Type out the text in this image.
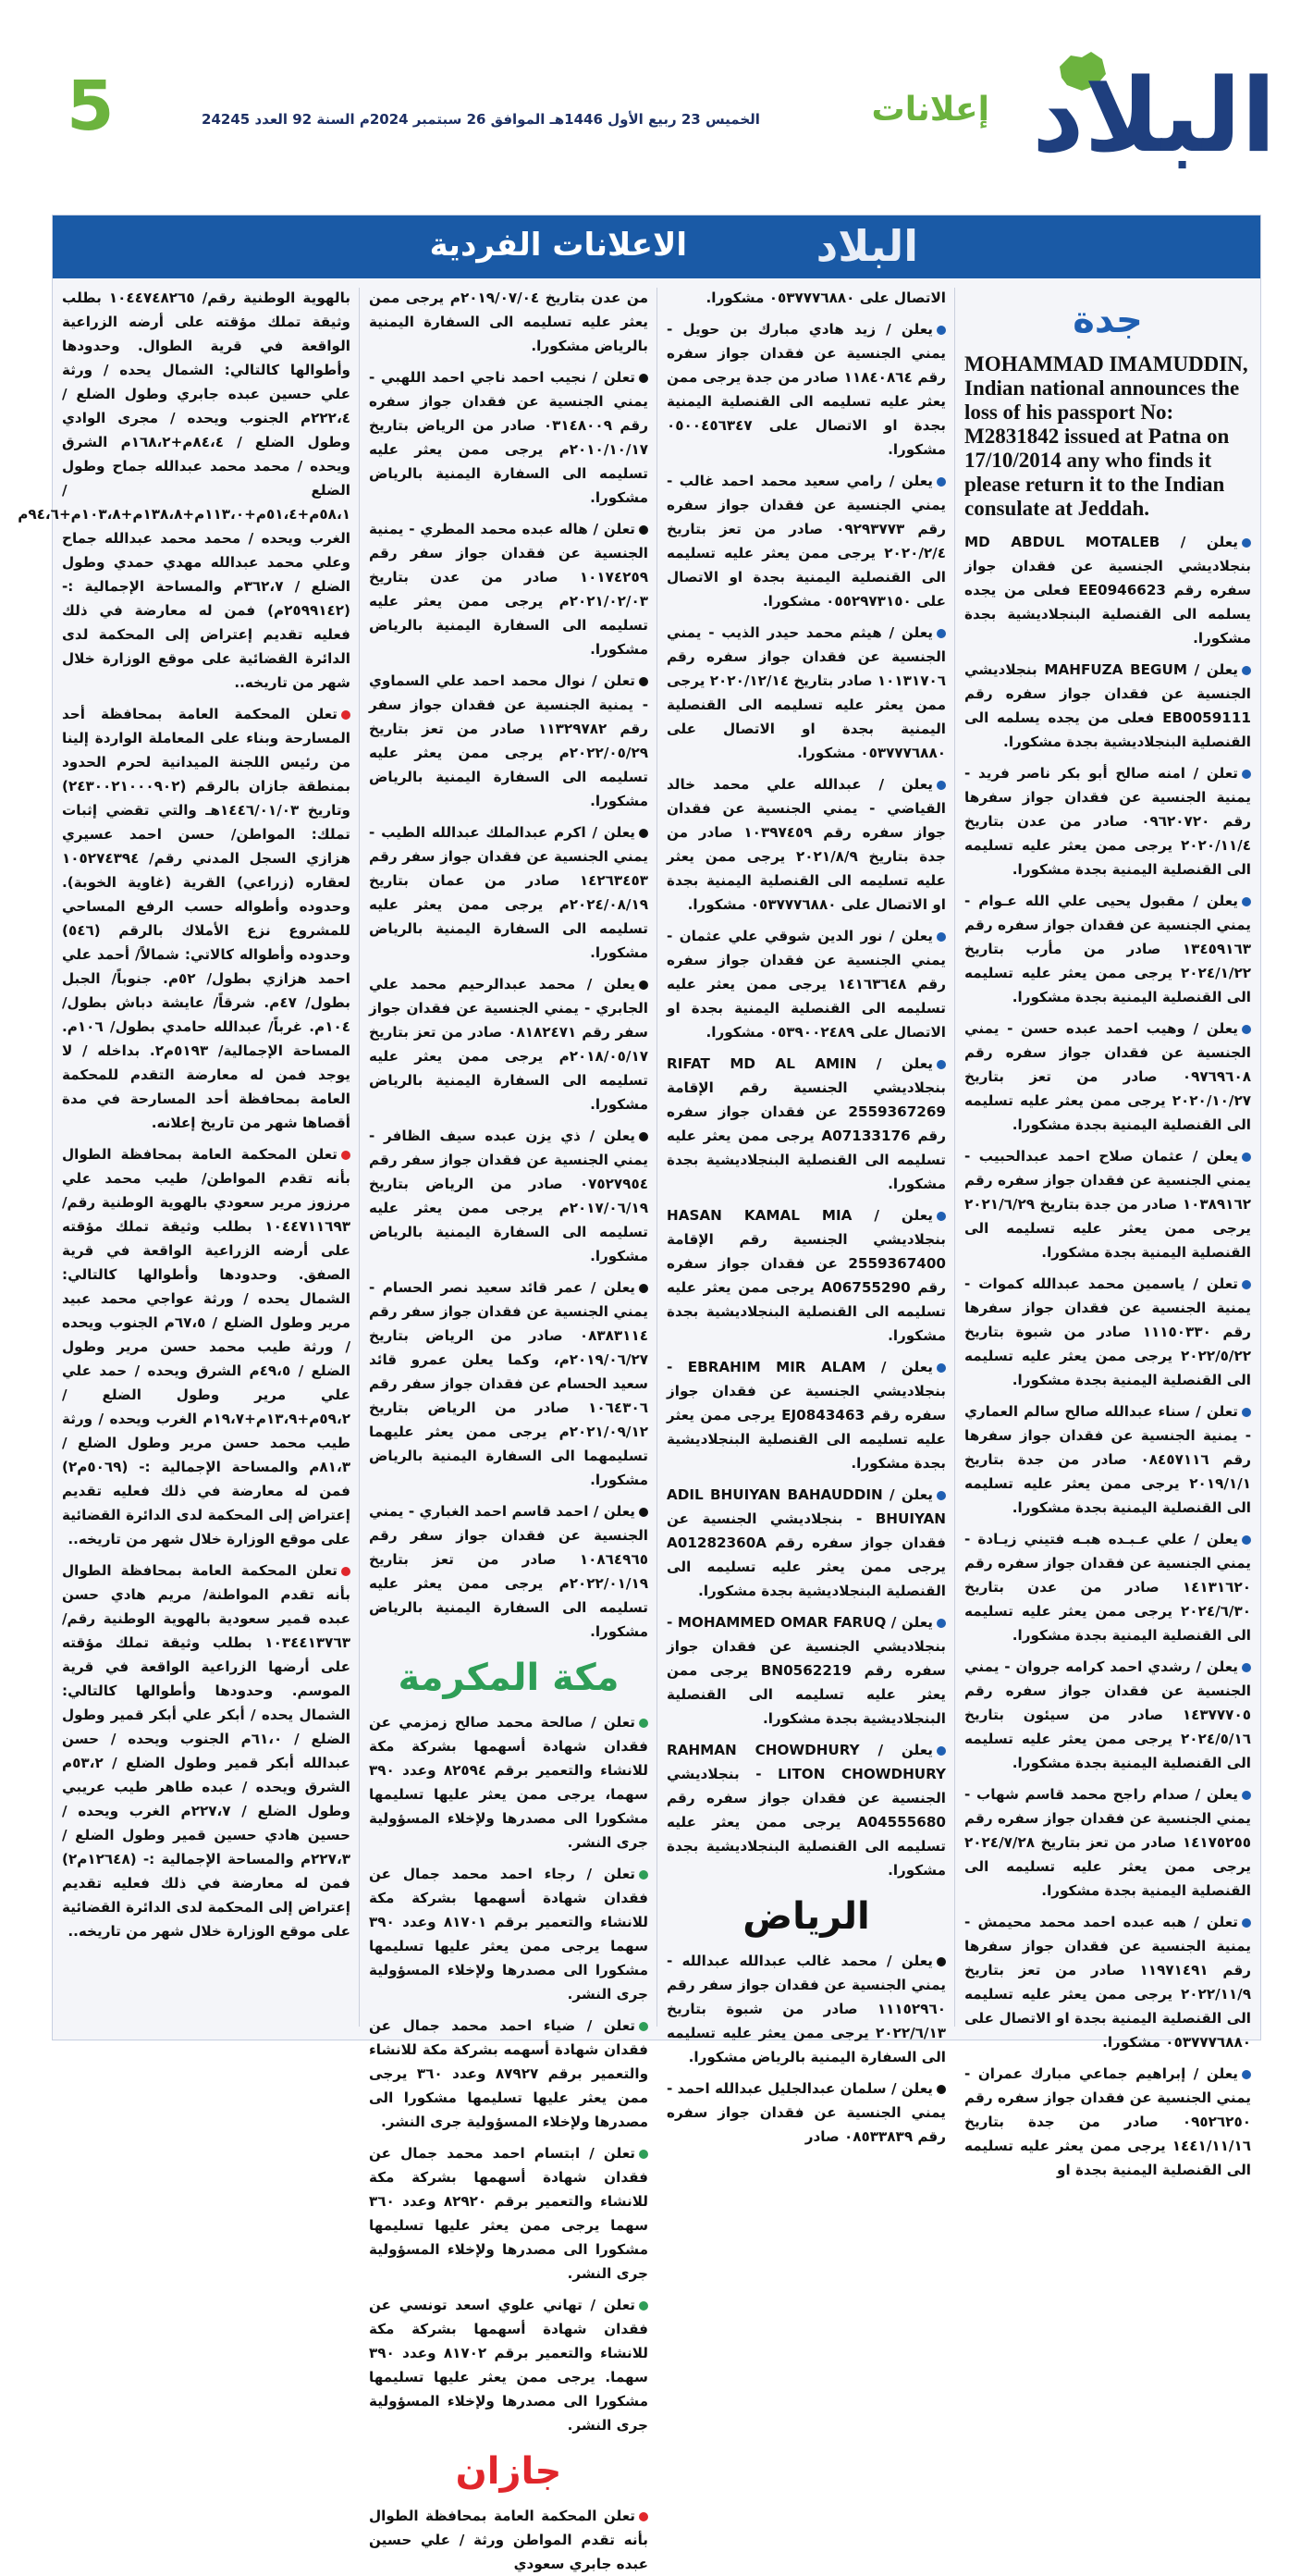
5	الخميس 23 ربيع الأول 1446هـ الموافق 26 سبتمبر 2024م السنة 92 العدد 24245	إعلانات البلاد
البلاد
الاعلانات الفردية
جدة
MOHAMMAD IMAMUDDIN, Indian national announces the loss of his passport No: M2831842 issued at Patna on 17/10/2014 any who finds it please return it to the Indian consulate at Jeddah.
يعلن / MD ABDUL MOTALEB بنجلاديشي الجنسية عن فقدان جواز سفره رقم EE0946623 فعلى من يجده يسلمه الى القنصلية البنجلاديشية بجدة مشكورا.
يعلن / MAHFUZA BEGUM بنجلاديشي الجنسية عن فقدان جواز سفره رقم EB0059111 فعلى من يجده يسلمه الى القنصلية البنجلاديشية بجدة مشكورا.
تعلن / امنه صالح أبو بكر ناصر فريد - يمنية الجنسية عن فقدان جواز سفرها رقم ٠٩٦٢٠٧٢٠ صادر من عدن بتاريخ ٢٠٢٠/١١/٤ يرجى ممن يعثر عليه تسليمه الى القنصلية اليمنية بجدة مشكورا.
يعلن / مقبول يحيى علي الله عـوام - يمني الجنسية عن فقدان جواز سفره رقم ١٣٤٥٩١٦٣ صادر من مأرب بتاريخ ٢٠٢٤/١/٢٢ يرجى ممن يعثر عليه تسليمه الى القنصلية اليمنية بجدة مشكورا.
يعلن / وهيب احمد عبده حسن - يمني الجنسية عن فقدان جواز سفره رقم ٠٩٧٦٩٦٠٨ صادر من تعز بتاريخ ٢٠٢٠/١٠/٢٧ يرجى ممن يعثر عليه تسليمه الى القنصلية اليمنية بجدة مشكورا.
يعلن / عثمان صلاح احمد عبدالحبيب - يمني الجنسية عن فقدان جواز سفره رقم ١٠٣٨٩١٦٢ صادر من جدة بتاريخ ٢٠٢١/٦/٢٩ يرجى ممن يعثر عليه تسليمه الى القنصلية اليمنية بجدة مشكورا.
تعلن / ياسمين محمد عبدالله كموات - يمنية الجنسية عن فقدان جواز سفرها رقم ١١١٥٠٣٣٠ صادر من شبوة بتاريخ ٢٠٢٢/٥/٢٢ يرجى ممن يعثر عليه تسليمه الى القنصلية اليمنية بجدة مشكورا.
تعلن / سناء عبدالله صالح سالم العماري - يمنية الجنسية عن فقدان جواز سفرها رقم ٠٨٤٥٧١١٦ صادر من جدة بتاريخ ٢٠١٩/١/١ يرجى ممن يعثر عليه تسليمه الى القنصلية اليمنية بجدة مشكورا.
يعلن / علي عـبـده هبـه فتيني زيـادة - يمني الجنسية عن فقدان جواز سفره رقم ١٤١٣١٦٢٠ صادر من عدن بتاريخ ٢٠٢٤/٦/٣٠ يرجى ممن يعثر عليه تسليمه الى القنصلية اليمنية بجدة مشكورا.
يعلن / رشدي احمد كرامه جروان - يمني الجنسية عن فقدان جواز سفره رقم ١٤٣٧٧٧٠٥ صادر من سيئون بتاريخ ٢٠٢٤/٥/١٦ يرجى ممن يعثر عليه تسليمه الى القنصلية اليمنية بجدة مشكورا.
يعلن / صدام راجح محمد قاسم شهاب - يمني الجنسية عن فقدان جواز سفره رقم ١٤١٧٥٢٥٥ صادر من تعز بتاريخ ٢٠٢٤/٧/٢٨ يرجى ممن يعثر عليه تسليمه الى القنصلية اليمنية بجدة مشكورا.
تعلن / هبه عبده احمد محمد محيمش - يمنية الجنسية عن فقدان جواز سفرها رقم ١١٩٧١٤٩١ صادر من تعز بتاريخ ٢٠٢٢/١١/٩ يرجى ممن يعثر عليه تسليمه الى القنصلية اليمنية بجدة او الاتصال على ٠٥٣٧٧٧٦٨٨٠ مشكورا.
يعلن / إبراهيم جماعي مبارك عمران - يمني الجنسية عن فقدان جواز سفره رقم ٠٩٥٢٦٢٥٠ صادر من جدة بتاريخ ١٤٤١/١١/١٦ يرجى ممن يعثر عليه تسليمه الى القنصلية اليمنية بجدة او
الاتصال على ٠٥٣٧٧٧٦٨٨٠ مشكورا.
يعلن / زيد هادي مبارك بن حويل - يمني الجنسية عن فقدان جواز سفره رقم ١١٨٤٠٨٦٤ صادر من جدة يرجى ممن يعثر عليه تسليمه الى القنصلية اليمنية بجدة او الاتصال على ٠٥٠٠٤٥٦٣٤٧ مشكورا.
يعلن / رامي سعيد محمد احمد غالب - يمني الجنسية عن فقدان جواز سفره رقم ٠٩٢٩٣٧٧٣ صادر من تعز بتاريخ ٢٠٢٠/٢/٤ يرجى ممن يعثر عليه تسليمه الى القنصلية اليمنية بجدة او الاتصال على ٠٥٥٢٩٧٣١٥٠ مشكورا.
يعلن / هيثم محمد حيدر الذيب - يمني الجنسية عن فقدان جواز سفره رقم ١٠١٣١٧٠٦ صادر بتاريخ ٢٠٢٠/١٢/١٤ يرجى ممن يعثر عليه تسليمه الى القنصلية اليمنية بجدة او الاتصال على ٠٥٣٧٧٧٦٨٨٠ مشكورا.
يعلن / عبدالله علي محمد خالد القياضي - يمني الجنسية عن فقدان جواز سفره رقم ١٠٣٩٧٤٥٩ صادر من جدة بتاريخ ٢٠٢١/٨/٩ يرجى ممن يعثر عليه تسليمه الى القنصلية اليمنية بجدة او الاتصال على ٠٥٣٧٧٧٦٨٨٠ مشكورا.
يعلن / نور الدين شوقي علي عثمان - يمني الجنسية عن فقدان جواز سفره رقم ١٤١٦٣٦٤٨ يرجى ممن يعثر عليه تسليمه الى القنصلية اليمنية بجدة او الاتصال على ٠٥٣٩٠٠٢٤٨٩ مشكورا.
يعلن / RIFAT MD AL AMIN بنجلاديشي الجنسية رقم الإقامة 2559367269 عن فقدان جواز سفره رقم A07133176 يرجى ممن يعثر عليه تسليمه الى القنصلية البنجلاديشية بجدة مشكورا.
يعلن / HASAN KAMAL MIA بنجلاديشي الجنسية رقم الإقامة 2559367400 عن فقدان جواز سفره رقم A06755290 يرجى ممن يعثر عليه تسليمه الى القنصلية البنجلاديشية بجدة مشكورا.
يعلن / EBRAHIM MIR ALAM - بنجلاديشي الجنسية عن فقدان جواز سفره رقم EJ0843463 يرجى ممن يعثر عليه تسليمه الى القنصلية البنجلاديشية بجدة مشكورا.
يعلن / ADIL BHUIYAN BAHAUDDIN BHUIYAN - بنجلاديشي الجنسية عن فقدان جواز سفره رقم A01282360A يرجى ممن يعثر عليه تسليمه الى القنصلية البنجلاديشية بجدة مشكورا.
يعلن / MOHAMMED OMAR FARUQ - بنجلاديشي الجنسية عن فقدان جواز سفره رقم BN0562219 يرجى ممن يعثر عليه تسليمه الى القنصلية البنجلاديشية بجدة مشكورا.
يعلن / RAHMAN CHOWDHURY LITON CHOWDHURY - بنجلاديشي الجنسية عن فقدان جواز سفره رقم A04555680 يرجى ممن يعثر عليه تسليمه الى القنصلية البنجلاديشية بجدة مشكورا.
الرياض
يعلن / محمد غالب عبدالله عبدالله - يمني الجنسية عن فقدان جواز سفر رقم ١١١٥٢٩٦٠ صادر من شبوة بتاريخ ٢٠٢٢/٦/١٣ يرجى ممن يعثر عليه تسليمه الى السفارة اليمنية بالرياض مشكورا.
يعلن / سلمان عبدالجليل عبدالله احمد - يمني الجنسية عن فقدان جواز سفره رقم ٠٨٥٣٣٨٣٩ صادر
من عدن بتاريخ ٢٠١٩/٠٧/٠٤م يرجى ممن يعثر عليه تسليمه الى السفارة اليمنية بالرياض مشكورا.
تعلن / نجيب احمد ناجي احمد اللهبي - يمني الجنسية عن فقدان جواز سفره رقم ٠٣١٤٨٠٠٩ صادر من الرياض بتاريخ ٢٠١٠/١٠/١٧م يرجى ممن يعثر عليه تسليمه الى السفارة اليمنية بالرياض مشكورا.
تعلن / هاله عبده محمد المطري - يمنية الجنسية عن فقدان جواز سفر رقم ١٠١٧٤٢٥٩ صادر من عدن بتاريخ ٢٠٢١/٠٢/٠٣م يرجى ممن يعثر عليه تسليمه الى السفارة اليمنية بالرياض مشكورا.
تعلن / نوال محمد احمد علي السماوي - يمنية الجنسية عن فقدان جواز سفر رقم ١١٣٢٩٧٨٢ صادر من تعز بتاريخ ٢٠٢٢/٠٥/٢٩م يرجى ممن يعثر عليه تسليمه الى السفارة اليمنية بالرياض مشكورا.
يعلن / اكرم عبدالملك عبدالله الطيب - يمني الجنسية عن فقدان جواز سفر رقم ١٤٢٦٣٤٥٣ صادر من عمان بتاريخ ٢٠٢٤/٠٨/١٩م يرجى ممن يعثر عليه تسليمه الى السفارة اليمنية بالرياض مشكورا.
يعلن / محمد عبدالرحيم محمد علي الجابري - يمني الجنسية عن فقدان جواز سفر رقم ٠٨١٨٢٤٧١ صادر من تعز بتاريخ ٢٠١٨/٠٥/١٧م يرجى ممن يعثر عليه تسليمه الى السفارة اليمنية بالرياض مشكورا.
يعلن / ذي يزن عبده سيف الظافر - يمني الجنسية عن فقدان جواز سفر رقم ٠٧٥٢٧٩٥٤ صادر من الرياض بتاريخ ٢٠١٧/٠٦/١٩م يرجى ممن يعثر عليه تسليمه الى السفارة اليمنية بالرياض مشكورا.
يعلن / عمر قائد سعيد نصر الحسام - يمني الجنسية عن فقدان جواز سفر رقم ٠٨٣٨٣١١٤ صادر من الرياض بتاريخ ٢٠١٩/٠٦/٢٧م، وكما يعلن عمرو قائد سعيد الحسام عن فقدان جواز سفر رقم ١٠٦٤٣٠٦ صادر من الرياض بتاريخ ٢٠٢١/٠٩/١٢م يرجى ممن يعثر عليهما تسليمهما الى السفارة اليمنية بالرياض مشكورا.
يعلن / احمد قاسم احمد الغباري - يمني الجنسية عن فقدان جواز سفر رقم ١٠٨٦٤٩٦٥ صادر من تعز بتاريخ ٢٠٢٢/٠١/١٩م يرجى ممن يعثر عليه تسليمه الى السفارة اليمنية بالرياض مشكورا.
مكة المكرمة
تعلن / صالحة محمد صالح زمزمي عن فقدان شهادة أسهمها بشركة مكة للانشاء والتعمير برقم ٨٢٥٩٤ وعدد ٣٩٠ سهما، يرجى ممن يعثر عليها تسليمها مشكورا الى مصدرها ولإخلاء المسؤولية جرى النشر.
تعلن / رجاء احمد محمد جمال عن فقدان شهادة أسهمها بشركة مكة للانشاء والتعمير برقم ٨١٧٠١ وعدد ٣٩٠ سهما يرجى ممن يعثر عليها تسليمها مشكورا الى مصدرها ولإخلاء المسؤولية جرى النشر.
تعلن / ضياء احمد محمد جمال عن فقدان شهادة أسهمه بشركة مكة للانشاء والتعمير برقم ٨٧٩٢٧ وعدد ٣٦٠ يرجى ممن يعثر عليها تسليمها مشكورا الى مصدرها ولإخلاء المسؤولية جرى النشر.
تعلن / ابتسام احمد محمد جمال عن فقدان شهادة أسهمها بشركة مكة للانشاء والتعمير برقم ٨٢٩٢٠ وعدد ٣٦٠ سهما يرجى ممن يعثر عليها تسليمها مشكورا الى مصدرها ولإخلاء المسؤولية جرى النشر.
تعلن / تهاني علوي اسعد تونسي عن فقدان شهادة أسهمها بشركة مكة للانشاء والتعمير برقم ٨١٧٠٢ وعدد ٣٩٠ سهما. يرجى ممن يعثر عليها تسليمها مشكورا الى مصدرها ولإخلاء المسؤولية جرى النشر.
جازان
تعلن المحكمة العامة بمحافظة الطوال بأنه تقدم المواطن ورثة / علي حسين عبده جابري سعودي
بالهوية الوطنية رقم/ ١٠٤٤٧٤٨٢٦٥ بطلب وثيقة تملك مؤقته على أرضه الزراعية الواقعة في قرية الطوال. وحدودها وأطوالها كالتالي: الشمال يحده / ورثة علي حسين عبده جابري وطول الضلع / ٢٢٢،٤م الجنوب ويحده / مجرى الوادي وطول الضلع / ٨٤،٤م+١٦٨،٢م الشرق ويحده / محمد محمد عبدالله جماح وطول الضلع / ٥٨،١م+٥١،٤م+١١٣،٠م+١٣٨،٨م+١٠٣،٨م+٩٤،٦م الغرب ويحده / محمد محمد عبدالله جماح وعلي محمد عبدالله مهدي حمدي وطول الضلع / ٣٦٢،٧م والمساحة الإجمالية :- (٢٥٩٩١٤٢م) فمن له معارضة في ذلك فعليه تقديم إعتراض إلى المحكمة لدى الدائرة القضائية على موقع الوزارة خلال شهر من تاريخه..
تعلن المحكمة العامة بمحافظة أحد المسارحة وبناء على المعاملة الواردة إلينا من رئيس اللجنة الميدانية لحرم الحدود بمنطقة جازان بالرقم (٢٤٣٠٠٢١٠٠٠٩٠٢) وتاريخ ١٤٤٦/٠١/٠٣هـ والتي تقضي إثبات تملك: المواطن/ حسن احمد عسيري هزازي السجل المدني رقم/ ١٠٥٢٧٤٣٩٤ لعقاره (زراعي) القرية (غاوية الخوبة). وحدوده وأطواله حسب الرفع المساحي للمشروع نزع الأملاك بالرقم (٥٤٦) وحدوده وأطواله كالاتي: شمالاً/ أحمد علي احمد هزازي بطول/ ٥٢م. جنوباً/ الجبل بطول/ ٤٧م. شرقاً/ عايشة دباش بطول/ ١٠٤م. غرباً/ عبدالله حامدي بطول/ ١٠٦م. المساحة الإجمالية/ ٥١٩٣م٢. بداخله / لا يوجد فمن له معارضة التقدم للمحكمة العامة بمحافظة أحد المسارحة في مدة أقصاها شهر من تاريخ إعلانه.
تعلن المحكمة العامة بمحافظة الطوال بأنه تقدم المواطن/ طيب محمد علي مرزوز مرير سعودي بالهوية الوطنية رقم/ ١٠٤٤٧١١٦٩٣ بطلب وثيقة تملك مؤقته على أرضه الزراعية الواقعة في قرية الصفق. وحدودها وأطوالها كالتالي: الشمال يحده / ورثة عواجي محمد عبيد مرير وطول الضلع / ٦٧،٥م الجنوب ويحده / ورثة طيب محمد حسن مرير وطول الضلع / ٤٩،٥م الشرق ويحده / حمد علي علي مرير وطول الضلع / ٥٩،٢م+١٣،٩م+١٩،٧م الغرب ويحده / ورثة طيب محمد حسن مرير وطول الضلع / ٨١،٣م والمساحة الإجمالية :- (٥٠٦٩م٢) فمن له معارضة في ذلك فعليه تقديم إعتراض إلى المحكمة لدى الدائرة القضائية على موقع الوزارة خلال شهر من تاريخه..
تعلن المحكمة العامة بمحافظة الطوال بأنه تقدم المواطنة/ مريم هادي حسن عبده قمير سعودية بالهوية الوطنية رقم/ ١٠٣٤٤١٣٧٦٣ بطلب وثيقة تملك مؤقته على أرضها الزراعية الواقعة في قرية الموسم. وحدودها وأطوالها كالتالي: الشمال يحده / أبكر علي أبكر قمير وطول الضلع / ٦١،٠م الجنوب ويحده / حسن عبدالله أبكر قمير وطول الضلع / ٥٣،٢م الشرق ويحده / عبده طاهر طيب عريبي وطول الضلع / ٢٢٧،٧م الغرب ويحده / حسين هادي حسين قمير وطول الضلع / ٢٢٧،٣م والمساحة الإجمالية :- (١٢٦٤٨م٢) فمن له معارضة في ذلك فعليه تقديم إعتراض إلى المحكمة لدى الدائرة القضائية على موقع الوزارة خلال شهر من تاريخه..
